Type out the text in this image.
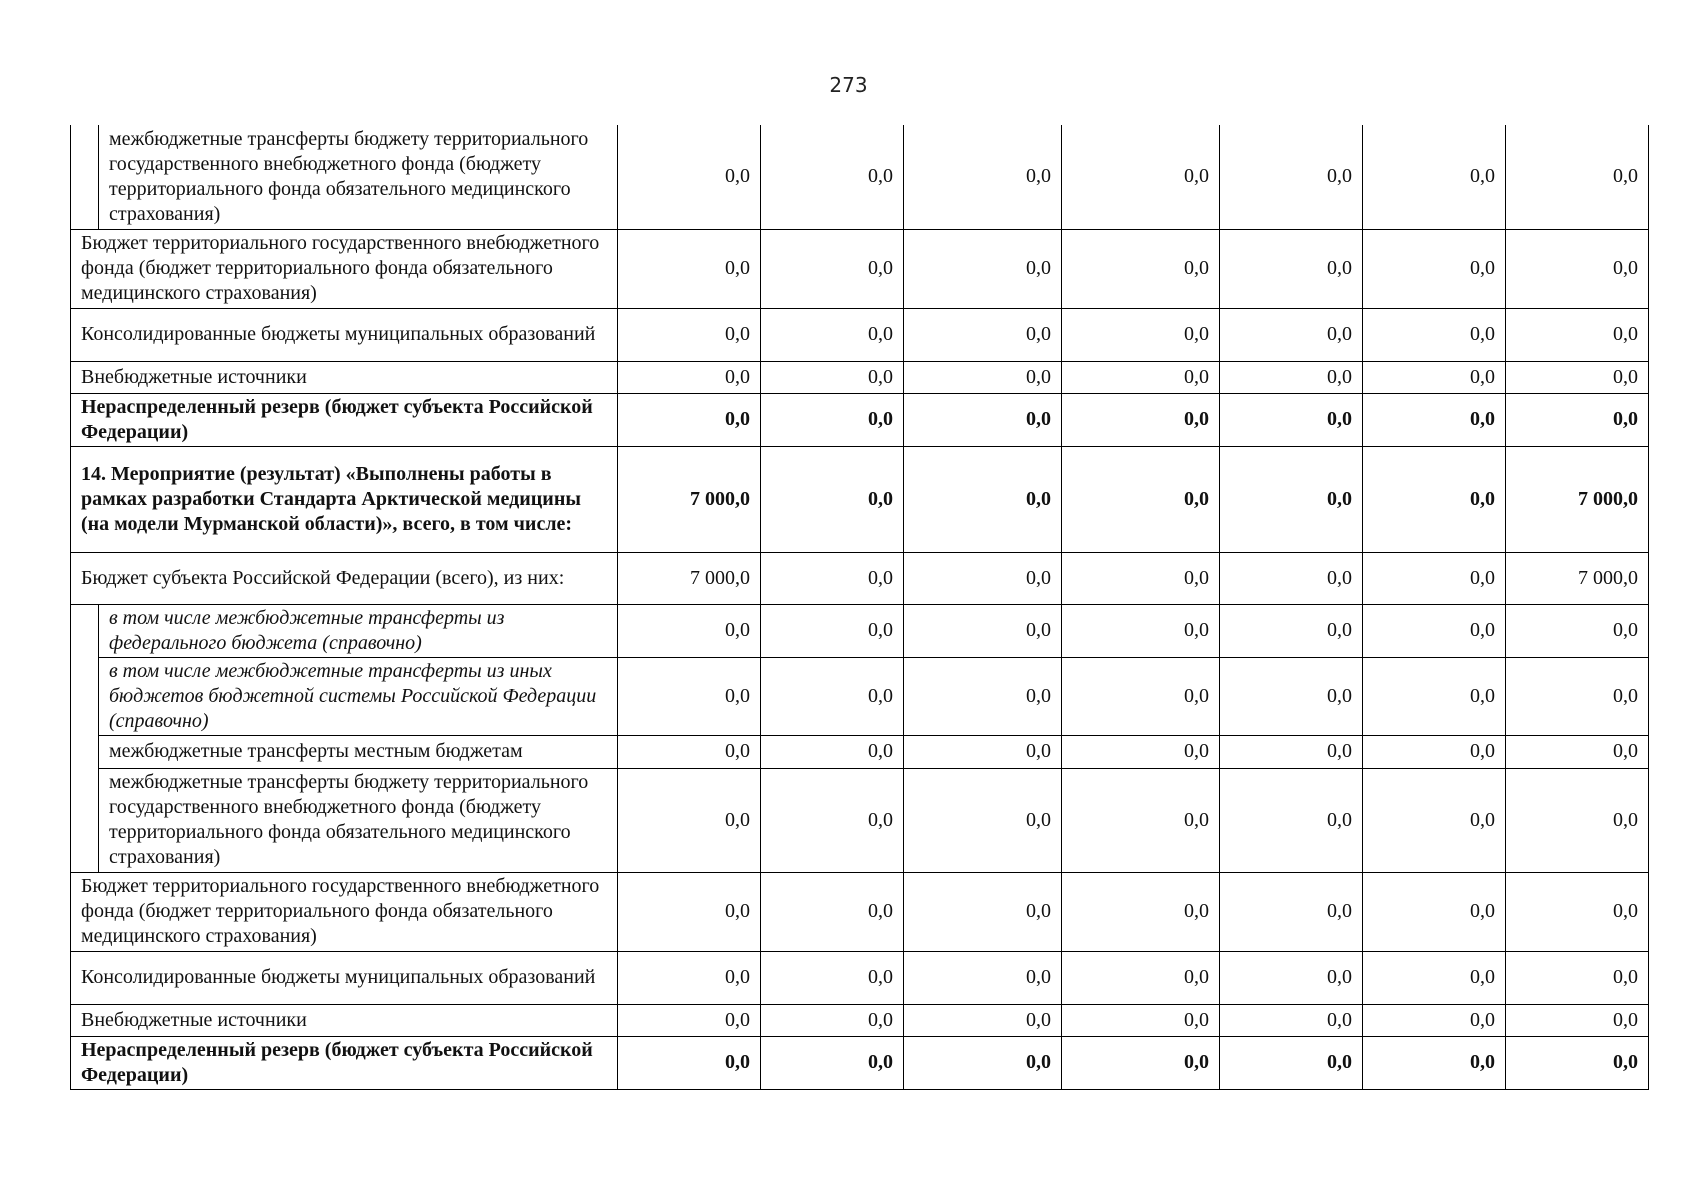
273
	межбюджетные трансферты бюджету территориального государственного внебюджетного фонда (бюджету территориального фонда обязательного медицинского страхования)	0,0	0,0	0,0	0,0	0,0	0,0	0,0
Бюджет территориального государственного внебюджетного фонда (бюджет территориального фонда обязательного медицинского страхования)		0,0	0,0	0,0	0,0	0,0	0,0	0,0
Консолидированные бюджеты муниципальных образований		0,0	0,0	0,0	0,0	0,0	0,0	0,0
Внебюджетные источники		0,0	0,0	0,0	0,0	0,0	0,0	0,0
Нераспределенный резерв (бюджет субъекта Российской Федерации)		0,0	0,0	0,0	0,0	0,0	0,0	0,0
14. Мероприятие (результат) «Выполнены работы в рамках разработки Стандарта Арктической медицины (на модели Мурманской области)», всего, в том числе:		7 000,0	0,0	0,0	0,0	0,0	0,0	7 000,0
Бюджет субъекта Российской Федерации (всего), из них:		7 000,0	0,0	0,0	0,0	0,0	0,0	7 000,0
	в том числе межбюджетные трансферты из федерального бюджета (справочно)	0,0	0,0	0,0	0,0	0,0	0,0	0,0
	в том числе межбюджетные трансферты из иных бюджетов бюджетной системы Российской Федерации (справочно)	0,0	0,0	0,0	0,0	0,0	0,0	0,0
	межбюджетные трансферты местным бюджетам	0,0	0,0	0,0	0,0	0,0	0,0	0,0
	межбюджетные трансферты бюджету территориального государственного внебюджетного фонда (бюджету территориального фонда обязательного медицинского страхования)	0,0	0,0	0,0	0,0	0,0	0,0	0,0
Бюджет территориального государственного внебюджетного фонда (бюджет территориального фонда обязательного медицинского страхования)		0,0	0,0	0,0	0,0	0,0	0,0	0,0
Консолидированные бюджеты муниципальных образований		0,0	0,0	0,0	0,0	0,0	0,0	0,0
Внебюджетные источники		0,0	0,0	0,0	0,0	0,0	0,0	0,0
Нераспределенный резерв (бюджет субъекта Российской Федерации)		0,0	0,0	0,0	0,0	0,0	0,0	0,0
